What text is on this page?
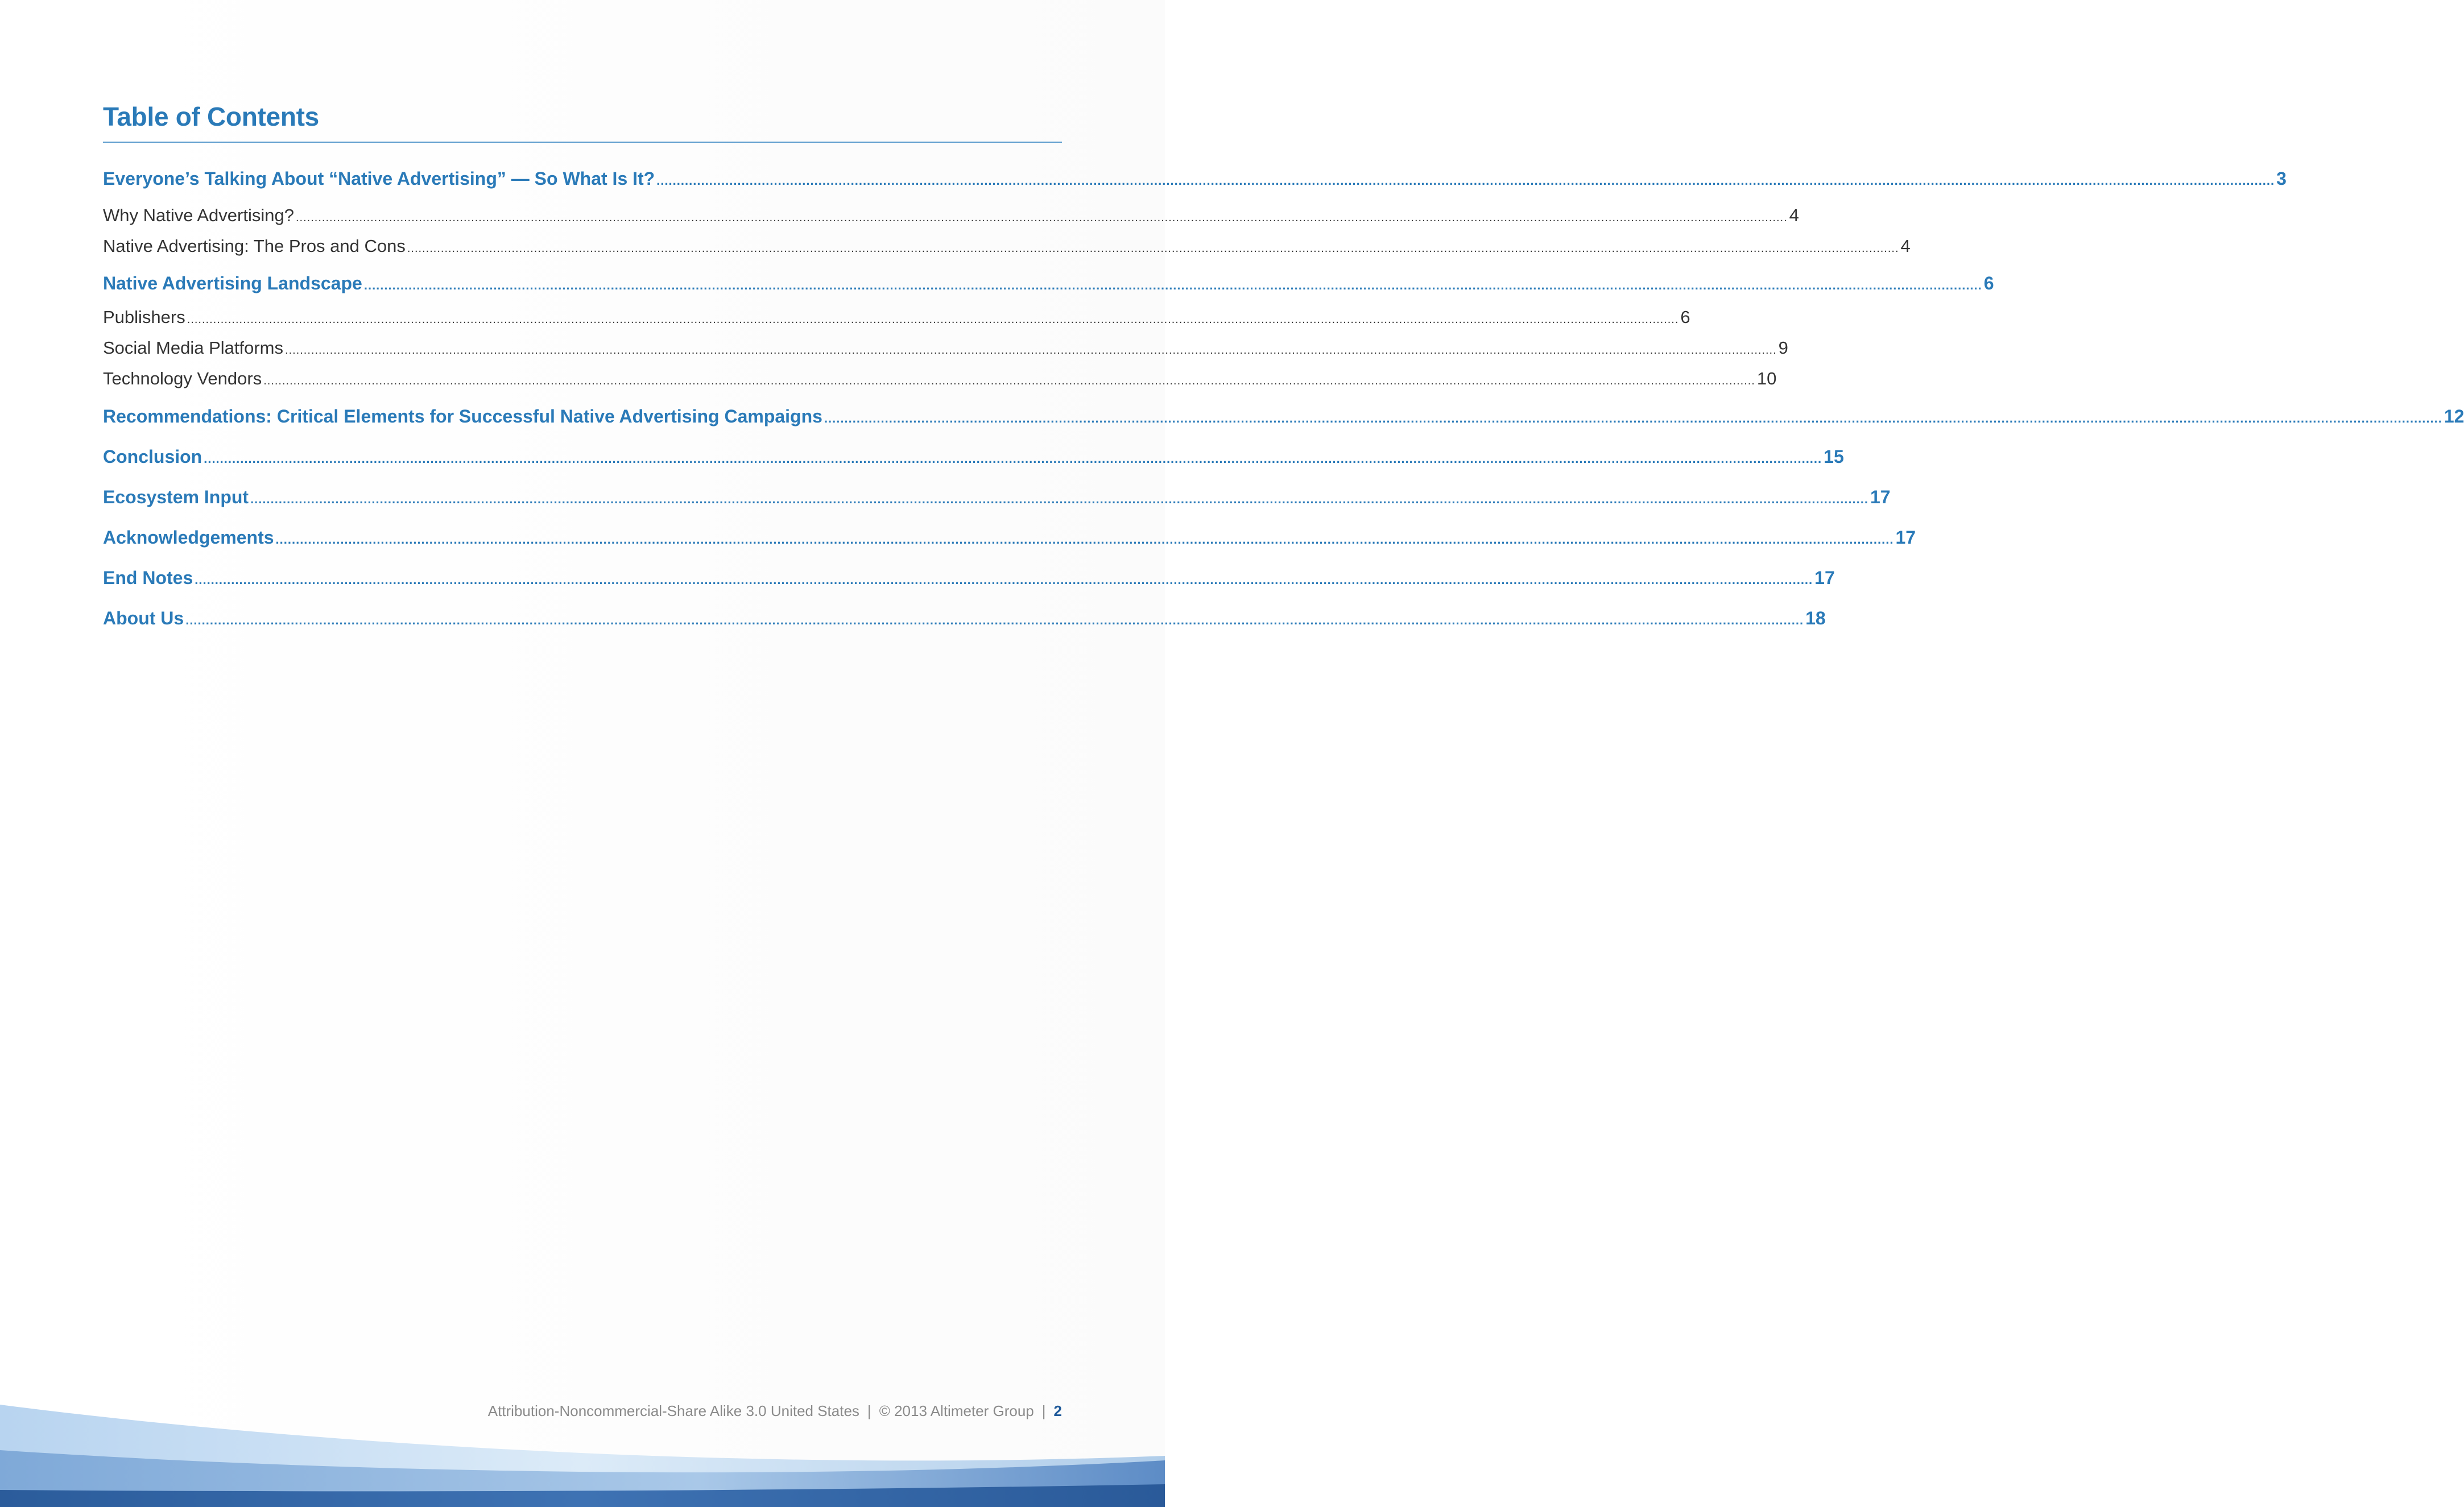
Table of Contents
Everyone’s Talking About “Native Advertising” — So What Is It? ................................................................................................................................................................................................................................................................................................................................................................................................................ 3
Why Native Advertising? ................................................................................................................................................................................................................................................................................................................................................................................................................ 4
Native Advertising: The Pros and Cons ................................................................................................................................................................................................................................................................................................................................................................................................................ 4
Native Advertising Landscape ................................................................................................................................................................................................................................................................................................................................................................................................................ 6
Publishers ................................................................................................................................................................................................................................................................................................................................................................................................................ 6
Social Media Platforms ................................................................................................................................................................................................................................................................................................................................................................................................................ 9
Technology Vendors ................................................................................................................................................................................................................................................................................................................................................................................................................ 10
Recommendations: Critical Elements for Successful Native Advertising Campaigns ................................................................................................................................................................................................................................................................................................................................................................................................................ 12
Conclusion ................................................................................................................................................................................................................................................................................................................................................................................................................ 15
Ecosystem Input ................................................................................................................................................................................................................................................................................................................................................................................................................ 17
Acknowledgements ................................................................................................................................................................................................................................................................................................................................................................................................................ 17
End Notes ................................................................................................................................................................................................................................................................................................................................................................................................................ 17
About Us ................................................................................................................................................................................................................................................................................................................................................................................................................ 18
Attribution-Noncommercial-Share Alike 3.0 United States | © 2013 Altimeter Group | 2
